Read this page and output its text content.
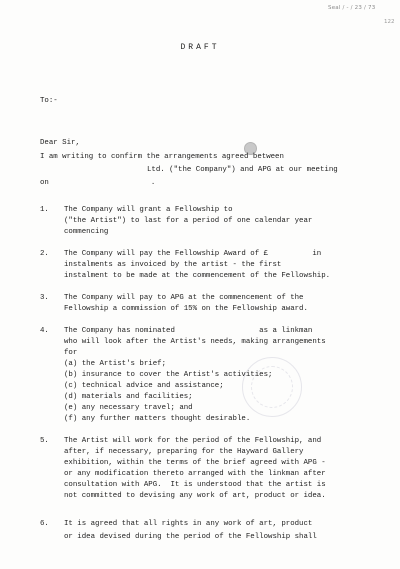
Seal / - / 23 / 73
122
DRAFT
To:-
Dear Sir,
I am writing to confirm the arrangements agreed between
Ltd. ("the Company") and APG at our meeting
on                       .
1. The Company will grant a Fellowship to
("the Artist") to last for a period of one calendar year
commencing
2. The Company will pay the Fellowship Award of £          in
instalments as invoiced by the artist - the first
instalment to be made at the commencement of the Fellowship.
3. The Company will pay to APG at the commencement of the
Fellowship a commission of 15% on the Fellowship award.
4. The Company has nominated                   as a linkman
who will look after the Artist's needs, making arrangements
for
(a) the Artist's brief;
(b) insurance to cover the Artist's activities;
(c) technical advice and assistance;
(d) materials and facilities;
(e) any necessary travel; and
(f) any further matters thought desirable.
5. The Artist will work for the period of the Fellowship, and
after, if necessary, preparing for the Hayward Gallery
exhibition, within the terms of the brief agreed with APG -
or any modification thereto arranged with the linkman after
consultation with APG.  It is understood that the artist is
not committed to devising any work of art, product or idea.
6. It is agreed that all rights in any work of art, product
or idea devised during the period of the Fellowship shall
